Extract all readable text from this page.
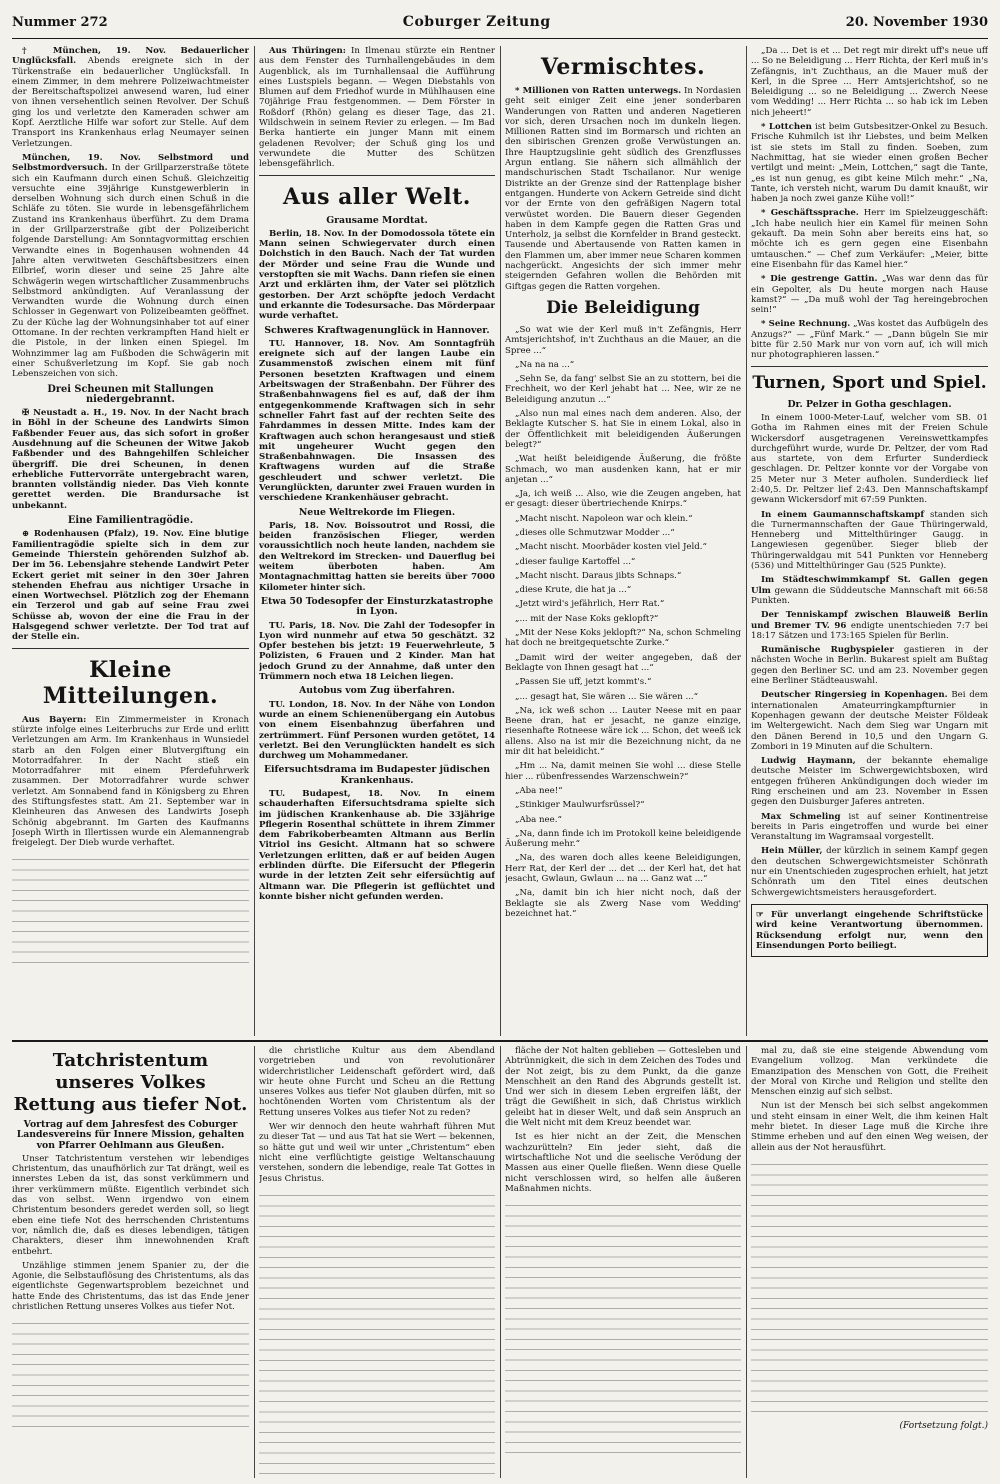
Nummer 272	Coburger Zeitung	20. November 1930

† München, 19. Nov. Bedauerlicher Unglücksfall. Abends ereignete sich in der Türkenstraße ein bedauerlicher Unglücksfall. In einem Zimmer, in dem mehrere Polizeiwachtmeister der Bereitschaftspolizei anwesend waren, lud einer von ihnen versehentlich seinen Revolver. Der Schuß ging los und verletzte den Kameraden schwer am Kopf. Aerztliche Hilfe war sofort zur Stelle. Auf dem Transport ins Krankenhaus erlag Neumayer seinen Verletzungen.

München, 19. Nov. Selbstmord und Selbstmordversuch. In der Grillparzerstraße tötete sich ein Kaufmann durch einen Schuß. Gleichzeitig versuchte eine 39jährige Kunstgewerblerin in derselben Wohnung sich durch einen Schuß in die Schläfe zu töten. Sie wurde in lebensgefährlichem Zustand ins Krankenhaus überführt. Zu dem Drama in der Grillparzerstraße gibt der Polizeibericht folgende Darstellung: Am Sonntagvormittag erschien Verwandte eines in Bogenhausen wohnenden 44 Jahre alten verwitweten Geschäftsbesitzers einen Eilbrief, worin dieser und seine 25 Jahre alte Schwägerin wegen wirtschaftlicher Zusammenbruchs Selbstmord ankündigten. Auf Veranlassung der Verwandten wurde die Wohnung durch einen Schlosser in Gegenwart von Polizeibeamten geöffnet. Zu der Küche lag der Wohnungsinhaber tot auf einer Ottomane. In der rechten verkrampften Hand hielt er die Pistole, in der linken einen Spiegel. Im Wohnzimmer lag am Fußboden die Schwägerin mit einer Schußverletzung im Kopf. Sie gab noch Lebenszeichen von sich.

Drei Scheunen mit Stallungen niedergebrannt.

✠ Neustadt a. H., 19. Nov. In der Nacht brach in Böhl in der Scheune des Landwirts Simon Faßbender Feuer aus, das sich sofort in großer Ausdehnung auf die Scheunen der Witwe Jakob Faßbender und des Bahngehilfen Schleicher übergriff. Die drei Scheunen, in denen erhebliche Futtervorräte untergebracht waren, brannten vollständig nieder. Das Vieh konnte gerettet werden. Die Brandursache ist unbekannt.

Eine Familientragödie.

⊕ Rodenhausen (Pfalz), 19. Nov. Eine blutige Familientragödie spielte sich in dem zur Gemeinde Thierstein gehörenden Sulzhof ab. Der im 56. Lebensjahre stehende Landwirt Peter Eckert geriet mit seiner in den 30er Jahren stehenden Ehefrau aus nichtiger Ursache in einen Wortwechsel. Plötzlich zog der Ehemann ein Terzerol und gab auf seine Frau zwei Schüsse ab, wovon der eine die Frau in der Halsgegend schwer verletzte. Der Tod trat auf der Stelle ein.

Kleine Mitteilungen.

Aus Bayern: Ein Zimmermeister in Kronach stürzte infolge eines Leiterbruchs zur Erde und erlitt Verletzungen am Arm. Im Krankenhaus in Wunsiedel starb an den Folgen einer Blutvergiftung ein Motorradfahrer. In der Nacht stieß ein Motorradfahrer mit einem Pferdefuhrwerk zusammen. Der Motorradfahrer wurde schwer verletzt. Am Sonnabend fand in Königsberg zu Ehren des Stiftungsfestes statt. Am 21. September war in Kleinheuren das Anwesen des Landwirts Joseph Schönig abgebrannt. Im Garten des Kaufmanns Joseph Wirth in Illertissen wurde ein Alemannengrab freigelegt. Der Dieb wurde verhaftet.

Aus Thüringen: In Ilmenau stürzte ein Rentner aus dem Fenster des Turnhallengebäudes in dem Augenblick, als im Turnhallensaal die Aufführung eines Lustspiels begann. — Wegen Diebstahls von Blumen auf dem Friedhof wurde in Mühlhausen eine 70jährige Frau festgenommen. — Dem Förster in Roßdorf (Rhön) gelang es dieser Tage, das 21. Wildschwein in seinem Revier zu erlegen. — Im Bad Berka hantierte ein junger Mann mit einem geladenen Revolver; der Schuß ging los und verwundete die Mutter des Schützen lebensgefährlich.

Aus aller Welt.
Grausame Mordtat.

Berlin, 18. Nov. In der Domodossola tötete ein Mann seinen Schwiegervater durch einen Dolchstich in den Bauch. Nach der Tat wurden der Mörder und seine Frau die Wunde und verstopften sie mit Wachs. Dann riefen sie einen Arzt und erklärten ihm, der Vater sei plötzlich gestorben. Der Arzt schöpfte jedoch Verdacht und erkannte die Todesursache. Das Mörderpaar wurde verhaftet.

Schweres Kraftwagenunglück in Hannover.

TU. Hannover, 18. Nov. Am Sonntagfrüh ereignete sich auf der langen Laube ein Zusammenstoß zwischen einem mit fünf Personen besetzten Kraftwagen und einem Arbeitswagen der Straßenbahn. Der Führer des Straßenbahnwagens fiel es auf, daß der ihm entgegenkommende Kraftwagen sich in sehr schneller Fahrt fast auf der rechten Seite des Fahrdammes in dessen Mitte. Indes kam der Kraftwagen auch schon herangesaust und stieß mit ungeheurer Wucht gegen den Straßenbahnwagen. Die Insassen des Kraftwagens wurden auf die Straße geschleudert und schwer verletzt. Die Verunglückten, darunter zwei Frauen wurden in verschiedene Krankenhäuser gebracht.

Neue Weltrekorde im Fliegen.

Paris, 18. Nov. Boissoutrot und Rossi, die beiden französischen Flieger, werden voraussichtlich noch heute landen, nachdem sie den Weltrekord im Strecken- und Dauerflug bei weitem überboten haben. Am Montagnachmittag hatten sie bereits über 7000 Kilometer hinter sich.

Etwa 50 Todesopfer der Einsturzkatastrophe in Lyon.

TU. Paris, 18. Nov. Die Zahl der Todesopfer in Lyon wird nunmehr auf etwa 50 geschätzt. 32 Opfer bestehen bis jetzt: 19 Feuerwehrleute, 5 Polizisten, 6 Frauen und 2 Kinder. Man hat jedoch Grund zu der Annahme, daß unter den Trümmern noch etwa 18 Leichen liegen.

Autobus vom Zug überfahren.

TU. London, 18. Nov. In der Nähe von London wurde an einem Schienenübergang ein Autobus von einem Eisenbahnzug überfahren und zertrümmert. Fünf Personen wurden getötet, 14 verletzt. Bei den Verunglückten handelt es sich durchweg um Mohammedaner.

Eifersuchtsdrama im Budapester jüdischen Krankenhaus.

TU. Budapest, 18. Nov. In einem schauderhaften Eifersuchtsdrama spielte sich im jüdischen Krankenhause ab. Die 33jährige Pflegerin Rosenthal schüttete in ihrem Zimmer dem Fabrikoberbeamten Altmann aus Berlin Vitriol ins Gesicht. Altmann hat so schwere Verletzungen erlitten, daß er auf beiden Augen erblinden dürfte. Die Eifersucht der Pflegerin wurde in der letzten Zeit sehr eifersüchtig auf Altmann war. Die Pflegerin ist geflüchtet und konnte bisher nicht gefunden werden.

Vermischtes.

* Millionen von Ratten unterwegs. In Nordasien geht seit einiger Zeit eine jener sonderbaren Wanderungen von Ratten und anderen Nagetieren vor sich, deren Ursachen noch im dunkeln liegen. Millionen Ratten sind im Bormarsch und richten an den sibirischen Grenzen große Verwüstungen an. Ihre Hauptzugslinie geht südlich des Grenzflusses Argun entlang. Sie nähern sich allmählich der mandschurischen Stadt Tschailanor. Nur wenige Distrikte an der Grenze sind der Rattenplage bisher entgangen. Hunderte von Ackern Getreide sind dicht vor der Ernte von den gefräßigen Nagern total verwüstet worden. Die Bauern dieser Gegenden haben in dem Kampfe gegen die Ratten Gras und Unterholz, ja selbst die Kornfelder in Brand gesteckt. Tausende und Abertausende von Ratten kamen in den Flammen um, aber immer neue Scharen kommen nachgerückt. Angesichts der sich immer mehr steigernden Gefahren wollen die Behörden mit Giftgas gegen die Ratten vorgehen.

Die Beleidigung

„So wat wie der Kerl muß in't Zefängnis, Herr Amtsjerichtshof, in't Zuchthaus an die Mauer, an die Spree ...“

„Na na na ...“

„Sehn Se, da fang' selbst Sie an zu stottern, bei die Frechheit, wo der Kerl jehabt hat ... Nee, wir ze ne Beleidigung anzutun ...“

„Also nun mal eines nach dem anderen. Also, der Beklagte Kutscher S. hat Sie in einem Lokal, also in der Öffentlichkeit mit beleidigenden Äußerungen belegt?“

„Wat heißt beleidigende Äußerung, die frößte Schmach, wo man ausdenken kann, hat er mir anjetan ...“

„Ja, ich weiß ... Also, wie die Zeugen angeben, hat er gesagt: dieser übertriechende Knirps.“

„Macht nischt. Napoleon war och klein.“

„dieses olle Schmutzwar Modder ...“

„Macht nischt. Moorbäder kosten viel Jeld.“

„dieser faulige Kartoffel ...“

„Macht nischt. Daraus jibts Schnaps.“

„diese Krute, die hat ja ...“

„Jetzt wird's jefährlich, Herr Rat.“

„... mit der Nase Koks geklopft?“

„Mit der Nese Koks jeklopft?“ Na, schon Schmeling hat doch ne breitgequetschte Zurke.“

„Damit wird der weiter angegeben, daß der Beklagte von Ihnen gesagt hat ...“

„Passen Sie uff, jetzt kommt's.“

„... gesagt hat, Sie wären ... Sie wären ...“

„Na, ick weß schon ... Lauter Neese mit en paar Beene dran, hat er jesacht, ne ganze einzige, riesenhafte Rotneese wäre ick ... Schon, det weeß ick allens. Also na ist mir die Bezeichnung nicht, da ne mir dit hat beleidicht.“

„Hm ... Na, damit meinen Sie wohl ... diese Stelle hier ... rübenfressendes Warzenschwein?“

„Aba nee!“

„Stinkiger Maulwurfsrüssel?“

„Aba nee.“

„Na, dann finde ich im Protokoll keine beleidigende Äußerung mehr.“

„Na, des waren doch alles keene Beleidigungen, Herr Rat, der Kerl der ... det ... der Kerl hat, det hat jesacht, Gwlaun, Gwlaun ... na ... Ganz wat ...“

„Na, damit bin ich hier nicht noch, daß der Beklagte sie als Zwerg Nase vom Wedding' bezeichnet hat.“

„Da ... Det is et ... Det regt mir direkt uff's neue uff ... So ne Beleidigung ... Herr Richta, der Kerl muß in's Zefängnis, in't Zuchthaus, an die Mauer muß der Kerl, in die Spree ... Herr Amtsjerichtshof, so ne Beleidigung ... so ne Beleidigung ... Zwerch Neese vom Wedding! ... Herr Richta ... so hab ick im Leben nich jeheert!“

* Lottchen ist beim Gutsbesitzer-Onkel zu Besuch. Frische Kuhmilch ist ihr Liebstes, und beim Melken ist sie stets im Stall zu finden. Soeben, zum Nachmittag, hat sie wieder einen großen Becher vertilgt und meint: „Mein, Lottchen,“ sagt die Tante, „es ist nun genug, es gibt keine Milch mehr.“ „Na, Tante, ich versteh nicht, warum Du damit knaußt, wir haben ja noch zwei ganze Kühe voll!“

* Geschäftssprache. Herr im Spielzeuggeschäft: „Ich habe neulich hier ein Kamel für meinen Sohn gekauft. Da mein Sohn aber bereits eins hat, so möchte ich es gern gegen eine Eisenbahn umtauschen.“ — Chef zum Verkäufer: „Meier, bitte eine Eisenbahn für das Kamel hier.“

* Die gestrenge Gattin. „Was war denn das für ein Gepolter, als Du heute morgen nach Hause kamst?“ — „Da muß wohl der Tag hereingebrochen sein!“

* Seine Rechnung. „Was kostet das Aufbügeln des Anzugs?“ — „Fünf Mark.“ — „Dann bügeln Sie mir bitte für 2.50 Mark nur von vorn auf, ich will mich nur photographieren lassen.“

Turnen, Sport und Spiel.
Dr. Pelzer in Gotha geschlagen.

In einem 1000-Meter-Lauf, welcher vom SB. 01 Gotha im Rahmen eines mit der Freien Schule Wickersdorf ausgetragenen Vereinswettkampfes durchgeführt wurde, wurde Dr. Peltzer, der vom Rad aus startete, von dem Erfurter Sunderdieck geschlagen. Dr. Peltzer konnte vor der Vorgabe von 25 Meter nur 3 Meter aufholen. Sunderdieck lief 2:40,5. Dr. Peltzer lief 2:43. Den Mannschaftskampf gewann Wickersdorf mit 67:59 Punkten.

In einem Gaumannschaftskampf standen sich die Turnermannschaften der Gaue Thüringerwald, Henneberg und Mittelthüringer Gaugg. in Langewiesen gegenüber. Sieger blieb der Thüringerwaldgau mit 541 Punkten vor Henneberg (536) und Mittelthüringer Gau (525 Punkte).

Im Städteschwimmkampf St. Gallen gegen Ulm gewann die Süddeutsche Mannschaft mit 66:58 Punkten.

Der Tenniskampf zwischen Blauweiß Berlin und Bremer TV. 96 endigte unentschieden 7:7 bei 18:17 Sätzen und 173:165 Spielen für Berlin.

Rumänische Rugbyspieler gastieren in der nächsten Woche in Berlin. Bukarest spielt am Bußtag gegen den Berliner SC. und am 23. November gegen eine Berliner Städteauswahl.

Deutscher Ringersieg in Kopenhagen. Bei dem internationalen Amateurringkampfturnier in Kopenhagen gewann der deutsche Meister Földeak im Weltergewicht. Nach dem Sieg war Ungarn mit den Dänen Berend in 10,5 und den Ungarn G. Zombori in 19 Minuten auf die Schultern.

Ludwig Haymann, der bekannte ehemalige deutsche Meister im Schwergewichtsboxen, wird entgegen früheren Ankündigungen doch wieder im Ring erscheinen und am 23. November in Essen gegen den Duisburger Jaferes antreten.

Max Schmeling ist auf seiner Kontinentreise bereits in Paris eingetroffen und wurde bei einer Veranstaltung im Wagramsaal vorgestellt.

Hein Müller, der kürzlich in seinem Kampf gegen den deutschen Schwergewichtsmeister Schönrath nur ein Unentschieden zugesprochen erhielt, hat jetzt Schönrath um den Titel eines deutschen Schwergewichtsmeisters herausgefordert.

☞ Für unverlangt eingehende Schriftstücke wird keine Verantwortung übernommen. Rücksendung erfolgt nur, wenn den Einsendungen Porto beiliegt.
Tatchristentum unseres Volkes Rettung aus tiefer Not.
Vortrag auf dem Jahresfest des Coburger Landesvereins für Innere Mission, gehalten von Pfarrer Oehlmann aus Gleußen.

Unser Tatchristentum verstehen wir lebendiges Christentum, das unaufhörlich zur Tat drängt, weil es innerstes Leben da ist, das sonst verkümmern und ihrer verkümmern müßte. Eigentlich verbindet sich das von selbst. Wenn irgendwo von einem Christentum besonders geredet werden soll, so liegt eben eine tiefe Not des herrschenden Christentums vor, nämlich die, daß es dieses lebendigen, tätigen Charakters, dieser ihm innewohnenden Kraft entbehrt.

Unzählige stimmen jenem Spanier zu, der die Agonie, die Selbstauflösung des Christentums, als das eigentlichste Gegenwartsproblem bezeichnet und hatte Ende des Christentums, das ist das Ende jener christlichen Rettung unseres Volkes aus tiefer Not.

die christliche Kultur aus dem Abendland vorgetrieben und von revolutionärer widerchristlicher Leidenschaft gefördert wird, daß wir heute ohne Furcht und Scheu an die Rettung unseres Volkes aus tiefer Not glauben dürfen, mit so hochtönenden Worten vom Christentum als der Rettung unseres Volkes aus tiefer Not zu reden?

Wer wir dennoch den heute wahrhaft führen Mut zu dieser Tat — und aus Tat hat sie Wert — bekennen, so hätte gut und weil wir unter „Christentum“ eben nicht eine verflüchtigte geistige Weltanschauung verstehen, sondern die lebendige, reale Tat Gottes in Jesus Christus.

fläche der Not halten geblieben — Gottesleben und Abtrünnigkeit, die sich in dem Zeichen des Todes und der Not zeigt, bis zu dem Punkt, da die ganze Menschheit an den Rand des Abgrunds gestellt ist. Und wer sich in diesem Leben ergreifen läßt, der trägt die Gewißheit in sich, daß Christus wirklich geleibt hat in dieser Welt, und daß sein Anspruch an die Welt nicht mit dem Kreuz beendet war.

Ist es hier nicht an der Zeit, die Menschen wachzurütteln? Ein jeder sieht, daß die wirtschaftliche Not und die seelische Verödung der Massen aus einer Quelle fließen. Wenn diese Quelle nicht verschlossen wird, so helfen alle äußeren Maßnahmen nichts.

mal zu, daß sie eine steigende Abwendung vom Evangelium vollzog. Man verkündete die Emanzipation des Menschen von Gott, die Freiheit der Moral von Kirche und Religion und stellte den Menschen einzig auf sich selbst.

Nun ist der Mensch bei sich selbst angekommen und steht einsam in einer Welt, die ihm keinen Halt mehr bietet. In dieser Lage muß die Kirche ihre Stimme erheben und auf den einen Weg weisen, der allein aus der Not herausführt.

(Fortsetzung folgt.)
